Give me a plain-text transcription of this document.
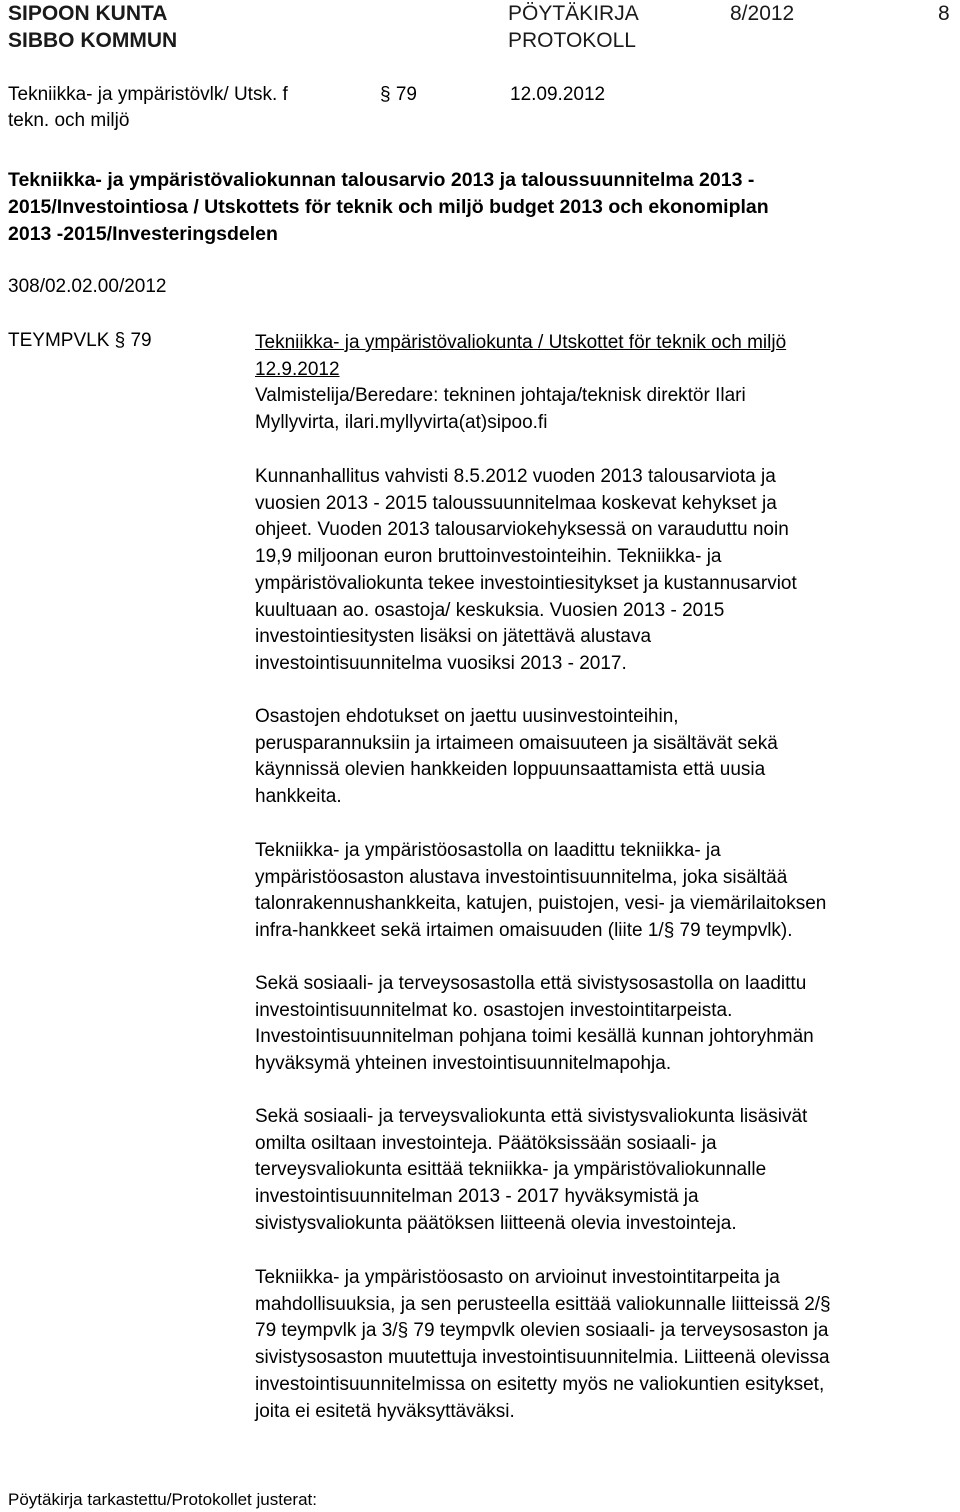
SIPOON KUNTA
SIBBO KOMMUN
PÖYTÄKIRJA
PROTOKOLL
8/2012	8
Tekniikka- ja ympäristövlk/ Utsk. f
tekn. och miljö
§ 79	12.09.2012
Tekniikka- ja ympäristövaliokunnan talousarvio 2013 ja taloussuunnitelma 2013 -
2015/Investointiosa / Utskottets för teknik och miljö budget 2013 och ekonomiplan
2013 -2015/Investeringsdelen
308/02.02.00/2012
TEYMPVLK § 79	Tekniikka- ja ympäristövaliokunta / Utskottet för teknik och miljö
12.9.2012
Valmistelija/Beredare: tekninen johtaja/teknisk direktör Ilari
Myllyvirta, ilari.myllyvirta(at)sipoo.fi
Kunnanhallitus vahvisti 8.5.2012 vuoden 2013 talousarviota ja
vuosien 2013 - 2015 taloussuunnitelmaa koskevat kehykset ja
ohjeet. Vuoden 2013 talousarviokehyksessä on varauduttu noin
19,9 miljoonan euron bruttoinvestointeihin. Tekniikka- ja
ympäristövaliokunta tekee investointiesitykset ja kustannusarviot
kuultuaan ao. osastoja/ keskuksia. Vuosien 2013 - 2015
investointiesitysten lisäksi on jätettävä alustava
investointisuunnitelma vuosiksi 2013 - 2017.
Osastojen ehdotukset on jaettu uusinvestointeihin,
perusparannuksiin ja irtaimeen omaisuuteen ja sisältävät sekä
käynnissä olevien hankkeiden loppuunsaattamista että uusia
hankkeita.
Tekniikka- ja ympäristöosastolla on laadittu tekniikka- ja
ympäristöosaston alustava investointisuunnitelma, joka sisältää
talonrakennushankkeita, katujen, puistojen, vesi- ja viemärilaitoksen
infra-hankkeet sekä irtaimen omaisuuden (liite 1/§ 79 teympvlk).
Sekä sosiaali- ja terveysosastolla että sivistysosastolla on laadittu
investointisuunnitelmat ko. osastojen investointitarpeista.
Investointisuunnitelman pohjana toimi kesällä kunnan johtoryhmän
hyväksymä yhteinen investointisuunnitelmapohja.
Sekä sosiaali- ja terveysvaliokunta että sivistysvaliokunta lisäsivät
omilta osiltaan investointeja. Päätöksissään sosiaali- ja
terveysvaliokunta esittää tekniikka- ja ympäristövaliokunnalle
investointisuunnitelman 2013 - 2017 hyväksymistä ja
sivistysvaliokunta päätöksen liitteenä olevia investointeja.
Tekniikka- ja ympäristöosasto on arvioinut investointitarpeita ja
mahdollisuuksia, ja sen perusteella esittää valiokunnalle liitteissä 2/§
79 teympvlk ja 3/§ 79 teympvlk olevien sosiaali- ja terveysosaston ja
sivistysosaston muutettuja investointisuunnitelmia. Liitteenä olevissa
investointisuunnitelmissa on esitetty myös ne valiokuntien esitykset,
joita ei esitetä hyväksyttäväksi.
Pöytäkirja tarkastettu/Protokollet justerat:
